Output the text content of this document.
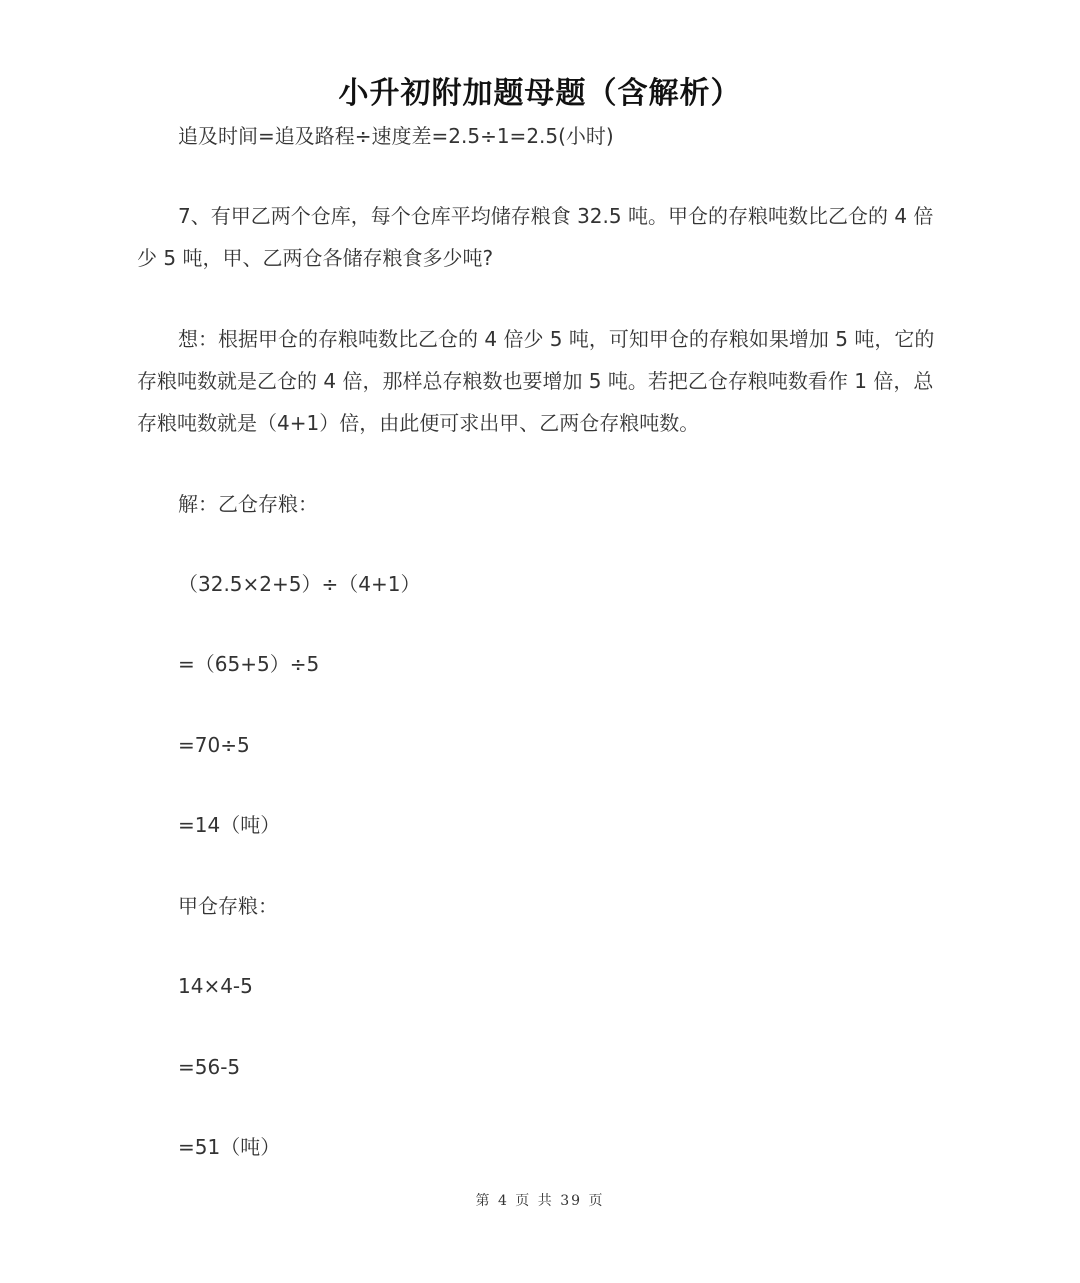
小升初附加题母题（含解析）

追及时间=追及路程÷速度差=2.5÷1=2.5(小时)

7、有甲乙两个仓库，每个仓库平均储存粮食 32.5 吨。甲仓的存粮吨数比乙仓的 4 倍

少 5 吨，甲、乙两仓各储存粮食多少吨?

想：根据甲仓的存粮吨数比乙仓的 4 倍少 5 吨，可知甲仓的存粮如果增加 5 吨，它的

存粮吨数就是乙仓的 4 倍，那样总存粮数也要增加 5 吨。若把乙仓存粮吨数看作 1 倍，总

存粮吨数就是（4+1）倍，由此便可求出甲、乙两仓存粮吨数。

解：乙仓存粮：

（32.5×2+5）÷（4+1）

=（65+5）÷5

=70÷5

=14（吨）

甲仓存粮：

14×4-5

=56-5

=51（吨）

第 4 页 共 39 页
